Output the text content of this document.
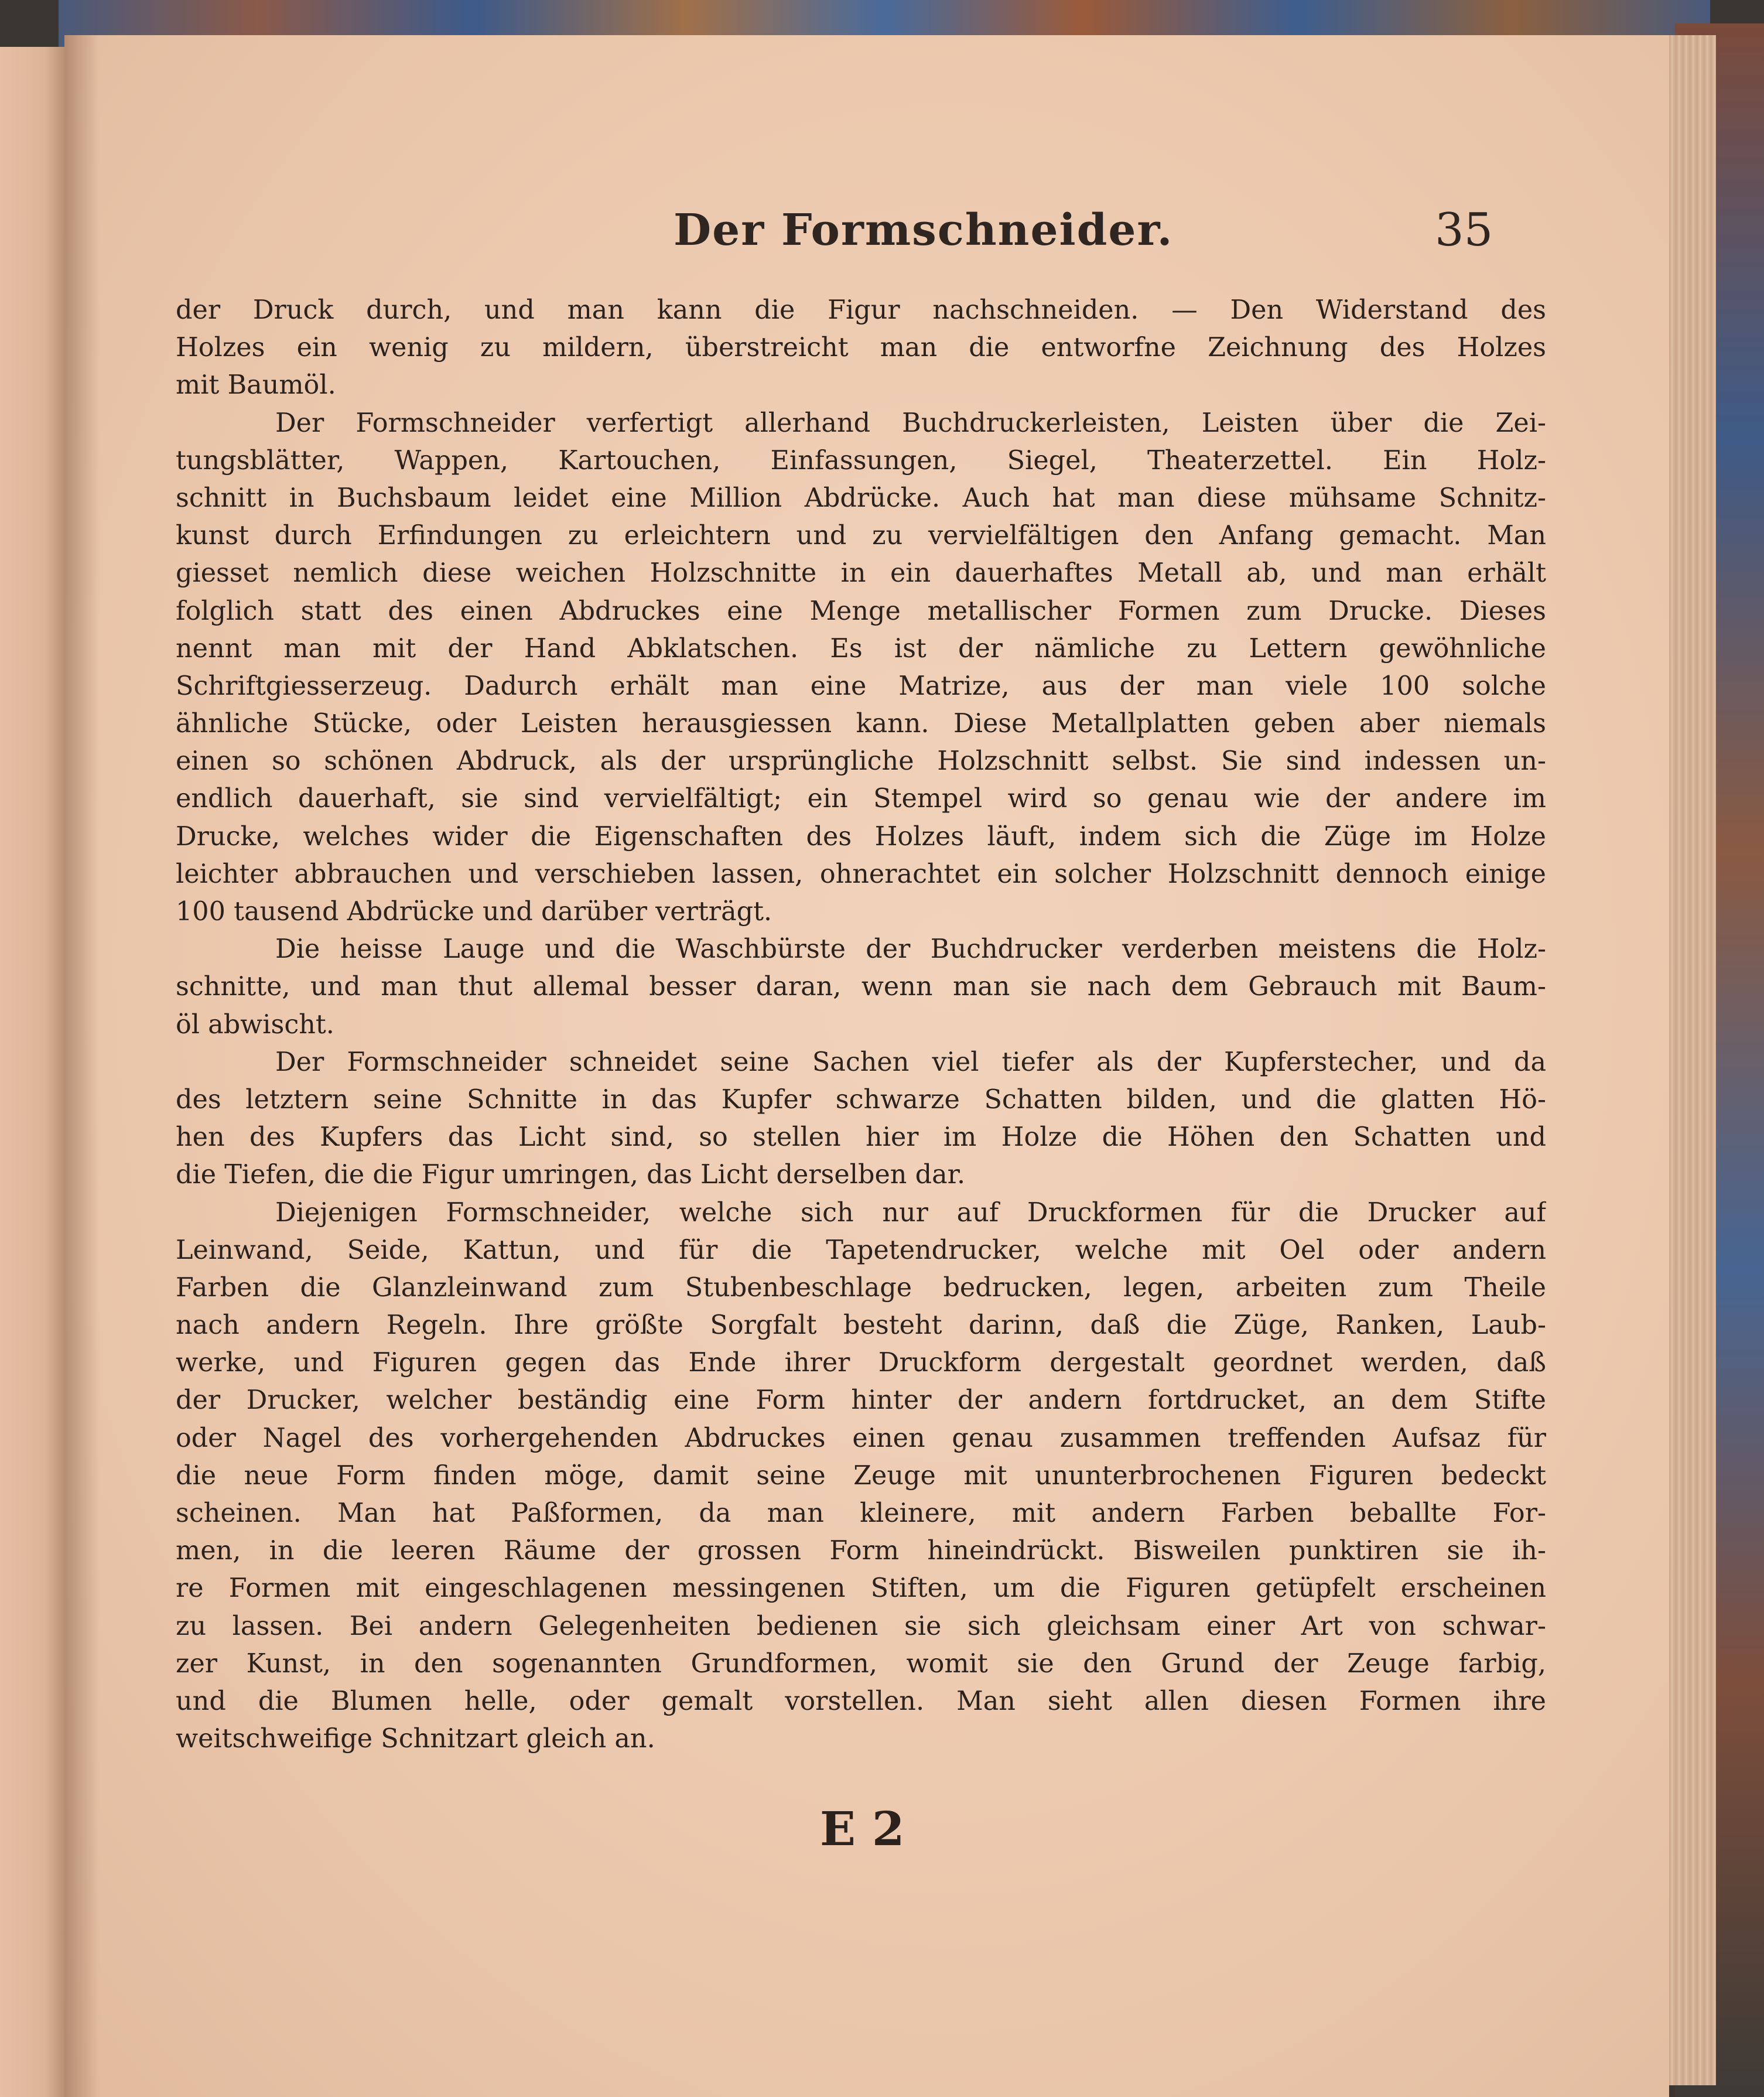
Der Formschneider.	35
der Druck durch, und man kann die Figur nachschneiden. — Den Widerstand des
Holzes ein wenig zu mildern, überstreicht man die entworfne Zeichnung des Holzes
mit Baumöl.
Der Formschneider verfertigt allerhand Buchdruckerleisten, Leisten über die Zei-
tungsblätter, Wappen, Kartouchen, Einfassungen, Siegel, Theaterzettel. Ein Holz-
schnitt in Buchsbaum leidet eine Million Abdrücke. Auch hat man diese mühsame Schnitz-
kunst durch Erfindungen zu erleichtern und zu vervielfältigen den Anfang gemacht. Man
giesset nemlich diese weichen Holzschnitte in ein dauerhaftes Metall ab, und man erhält
folglich statt des einen Abdruckes eine Menge metallischer Formen zum Drucke. Dieses
nennt man mit der Hand Abklatschen. Es ist der nämliche zu Lettern gewöhnliche
Schriftgiesserzeug. Dadurch erhält man eine Matrize, aus der man viele 100 solche
ähnliche Stücke, oder Leisten herausgiessen kann. Diese Metallplatten geben aber niemals
einen so schönen Abdruck, als der ursprüngliche Holzschnitt selbst. Sie sind indessen un-
endlich dauerhaft, sie sind vervielfältigt; ein Stempel wird so genau wie der andere im
Drucke, welches wider die Eigenschaften des Holzes läuft, indem sich die Züge im Holze
leichter abbrauchen und verschieben lassen, ohnerachtet ein solcher Holzschnitt dennoch einige
100 tausend Abdrücke und darüber verträgt.
Die heisse Lauge und die Waschbürste der Buchdrucker verderben meistens die Holz-
schnitte, und man thut allemal besser daran, wenn man sie nach dem Gebrauch mit Baum-
öl abwischt.
Der Formschneider schneidet seine Sachen viel tiefer als der Kupferstecher, und da
des letztern seine Schnitte in das Kupfer schwarze Schatten bilden, und die glatten Hö-
hen des Kupfers das Licht sind, so stellen hier im Holze die Höhen den Schatten und
die Tiefen, die die Figur umringen, das Licht derselben dar.
Diejenigen Formschneider, welche sich nur auf Druckformen für die Drucker auf
Leinwand, Seide, Kattun, und für die Tapetendrucker, welche mit Oel oder andern
Farben die Glanzleinwand zum Stubenbeschlage bedrucken, legen, arbeiten zum Theile
nach andern Regeln. Ihre größte Sorgfalt besteht darinn, daß die Züge, Ranken, Laub-
werke, und Figuren gegen das Ende ihrer Druckform dergestalt geordnet werden, daß
der Drucker, welcher beständig eine Form hinter der andern fortdrucket, an dem Stifte
oder Nagel des vorhergehenden Abdruckes einen genau zusammen treffenden Aufsaz für
die neue Form finden möge, damit seine Zeuge mit ununterbrochenen Figuren bedeckt
scheinen. Man hat Paßformen, da man kleinere, mit andern Farben beballte For-
men, in die leeren Räume der grossen Form hineindrückt. Bisweilen punktiren sie ih-
re Formen mit eingeschlagenen messingenen Stiften, um die Figuren getüpfelt erscheinen
zu lassen. Bei andern Gelegenheiten bedienen sie sich gleichsam einer Art von schwar-
zer Kunst, in den sogenannten Grundformen, womit sie den Grund der Zeuge farbig,
und die Blumen helle, oder gemalt vorstellen. Man sieht allen diesen Formen ihre
weitschweifige Schnitzart gleich an.
E 2
